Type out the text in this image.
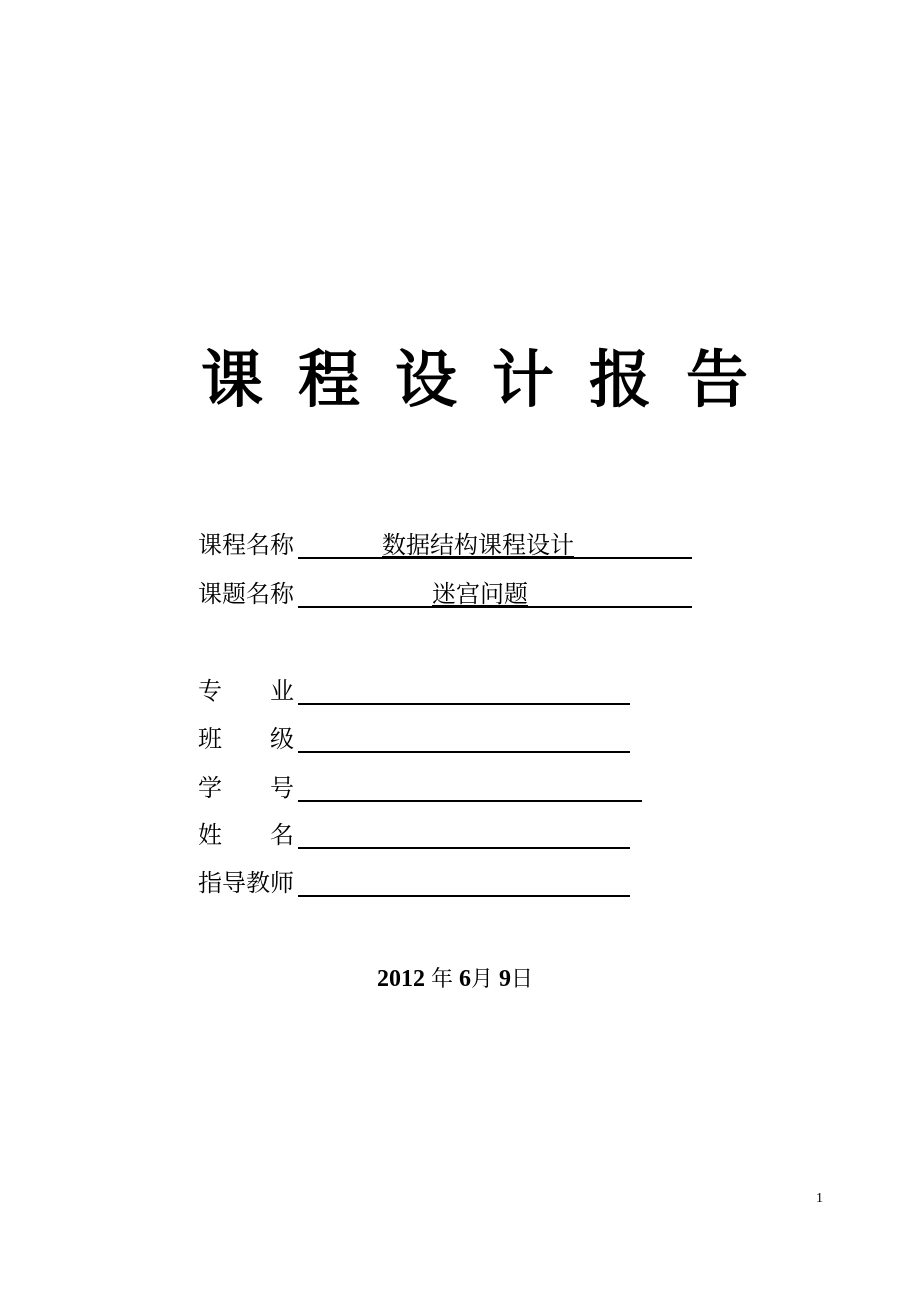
课 程 设 计 报 告
课程名称	数据结构课程设计
课题名称	迷宫问题
专　　业
班　　级
学　　号
姓　　名
指导教师
2012 年 6月 9日
1
